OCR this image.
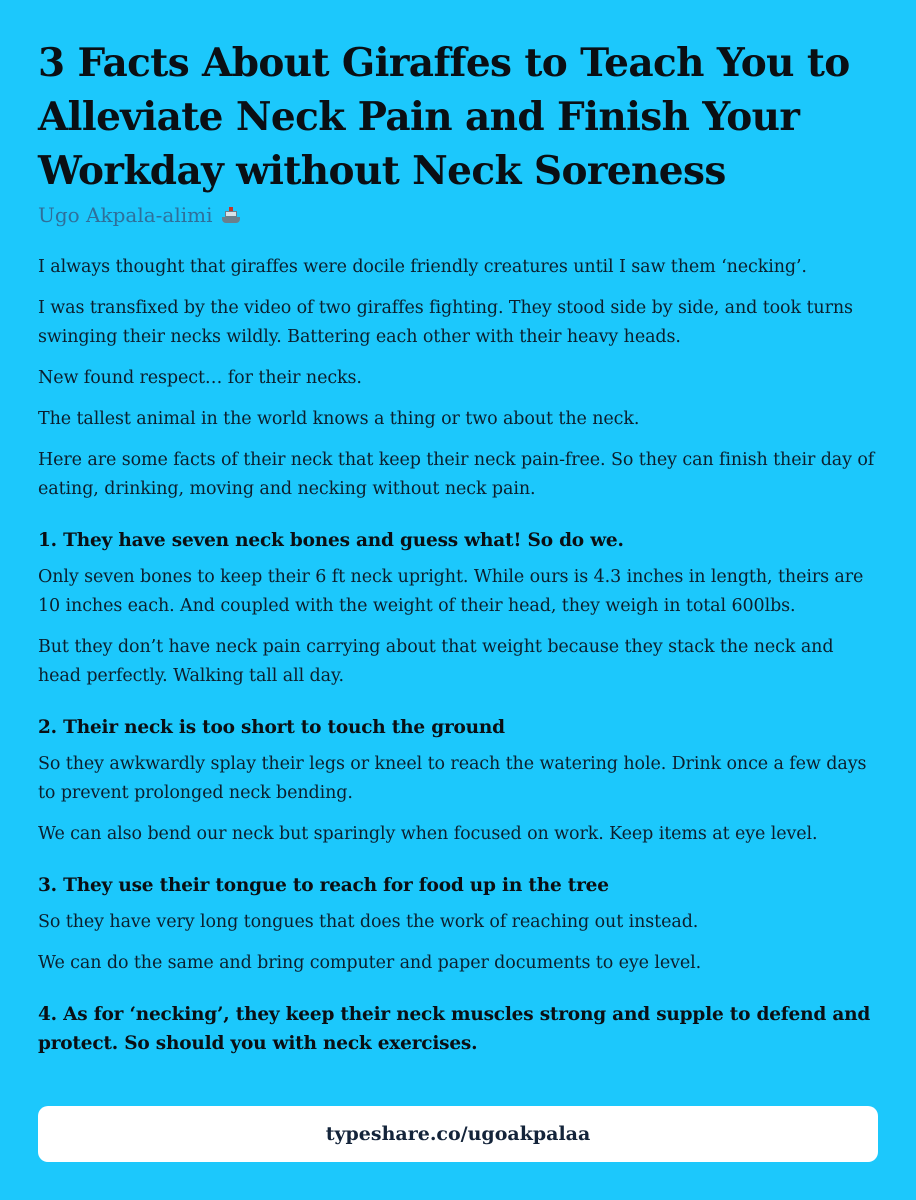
3 Facts About Giraffes to Teach You to Alleviate Neck Pain and Finish Your Workday without Neck Soreness
Ugo Akpala-alimi

I always thought that giraffes were docile friendly creatures until I saw them ‘necking’.

I was transfixed by the video of two giraffes fighting. They stood side by side, and took turns swinging their necks wildly. Battering each other with their heavy heads.

New found respect… for their necks.

The tallest animal in the world knows a thing or two about the neck.

Here are some facts of their neck that keep their neck pain-free. So they can finish their day of eating, drinking, moving and necking without neck pain.

1. They have seven neck bones and guess what! So do we.

Only seven bones to keep their 6 ft neck upright. While ours is 4.3 inches in length, theirs are 10 inches each. And coupled with the weight of their head, they weigh in total 600lbs.

But they don’t have neck pain carrying about that weight because they stack the neck and head perfectly. Walking tall all day.

2. Their neck is too short to touch the ground

So they awkwardly splay their legs or kneel to reach the watering hole. Drink once a few days to prevent prolonged neck bending.

We can also bend our neck but sparingly when focused on work. Keep items at eye level.

3. They use their tongue to reach for food up in the tree

So they have very long tongues that does the work of reaching out instead.

We can do the same and bring computer and paper documents to eye level.

4. As for ‘necking’, they keep their neck muscles strong and supple to defend and protect. So should you with neck exercises.
typeshare.co/ugoakpalaa
